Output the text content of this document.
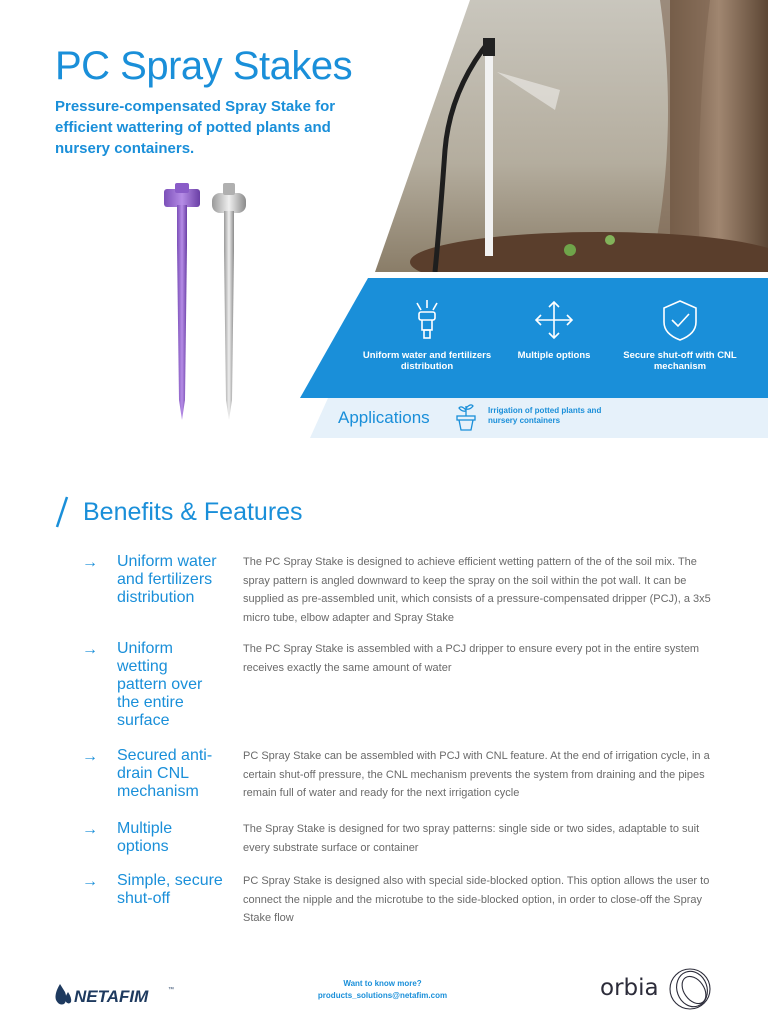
PC Spray Stakes
Pressure-compensated Spray Stake for efficient wattering of potted plants and nursery containers.
Uniform water and fertilizers distribution
Multiple options	Secure shut-off with CNL mechanism
Applications	Irrigation of potted plants and nursery containers
Benefits & Features
→ Uniform water and fertilizers distribution
The PC Spray Stake is designed to achieve efficient wetting pattern of the of the soil mix. The spray pattern is angled downward to keep the spray on the soil within the pot wall. It can be supplied as pre-assembled unit, which consists of a pressure-compensated dripper (PCJ), a 3x5 micro tube, elbow adapter and Spray Stake
→ Uniform wetting pattern over the entire surface
The PC Spray Stake is assembled with a PCJ dripper to ensure every pot in the entire system receives exactly the same amount of water
→ Secured anti-drain CNL mechanism
PC Spray Stake can be assembled with PCJ with CNL feature. At the end of irrigation cycle, in a certain shut-off pressure, the CNL mechanism prevents the system from draining and the pipes remain full of water and ready for the next irrigation cycle
→ Multiple options
The Spray Stake is designed for two spray patterns: single side or two sides, adaptable to suit every substrate surface or container
→ Simple, secure shut-off
PC Spray Stake is designed also with special side-blocked option. This option allows the user to connect the nipple and the microtube to the side-blocked option, in order to close-off the Spray Stake flow
NETAFIM	™
Want to know more?
products_solutions@netafim.com	orbia
